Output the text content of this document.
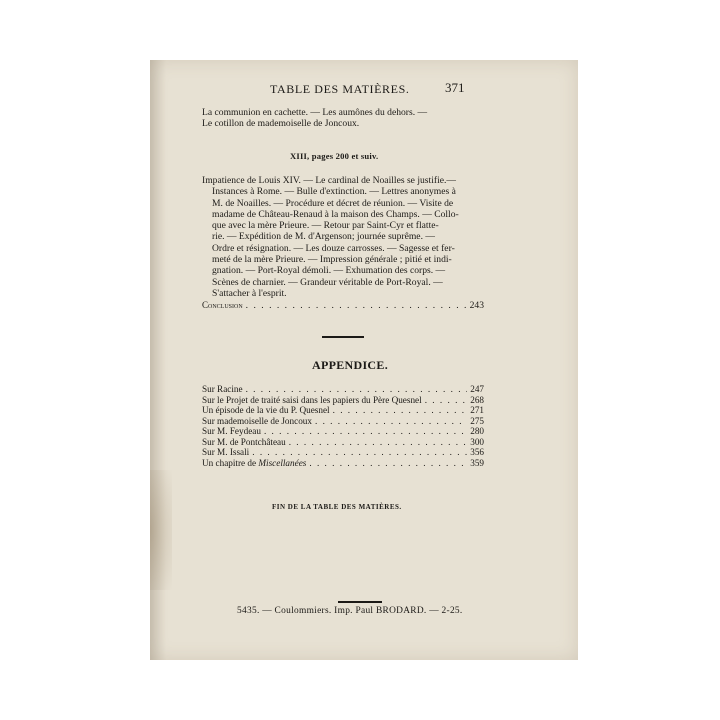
TABLE DES MATIÈRES.	371
La communion en cachette. — Les aumônes du dehors. —
Le cotillon de mademoiselle de Joncoux.
XIII, pages 200 et suiv.
Impatience de Louis XIV. — Le cardinal de Noailles se justifie.—
Instances à Rome. — Bulle d'extinction. — Lettres anonymes à
M. de Noailles. — Procédure et décret de réunion. — Visite de
madame de Château-Renaud à la maison des Champs. — Collo-
que avec la mère Prieure. — Retour par Saint-Cyr et flatte-
rie. — Expédition de M. d'Argenson; journée suprême. —
Ordre et résignation. — Les douze carrosses. — Sagesse et fer-
meté de la mère Prieure. — Impression générale ; pitié et indi-
gnation. — Port-Royal démoli. — Exhumation des corps. —
Scènes de charnier. — Grandeur véritable de Port-Royal. —
S'attacher à l'esprit.
Conclusion . . .	243
APPENDICE.
Sur Racine . . .	247
Sur le Projet de traité saisi dans les papiers du Père Quesnel . . .	268
Un épisode de la vie du P. Quesnel . . .	271
Sur mademoiselle de Joncoux . . .	275
Sur M. Feydeau . . .	280
Sur M. de Pontchâteau . . .	300
Sur M. Issali . . .	356
Un chapitre de Miscellanées . . .	359
FIN DE LA TABLE DES MATIÈRES.
5435. — Coulommiers. Imp. Paul BRODARD. — 2-25.
